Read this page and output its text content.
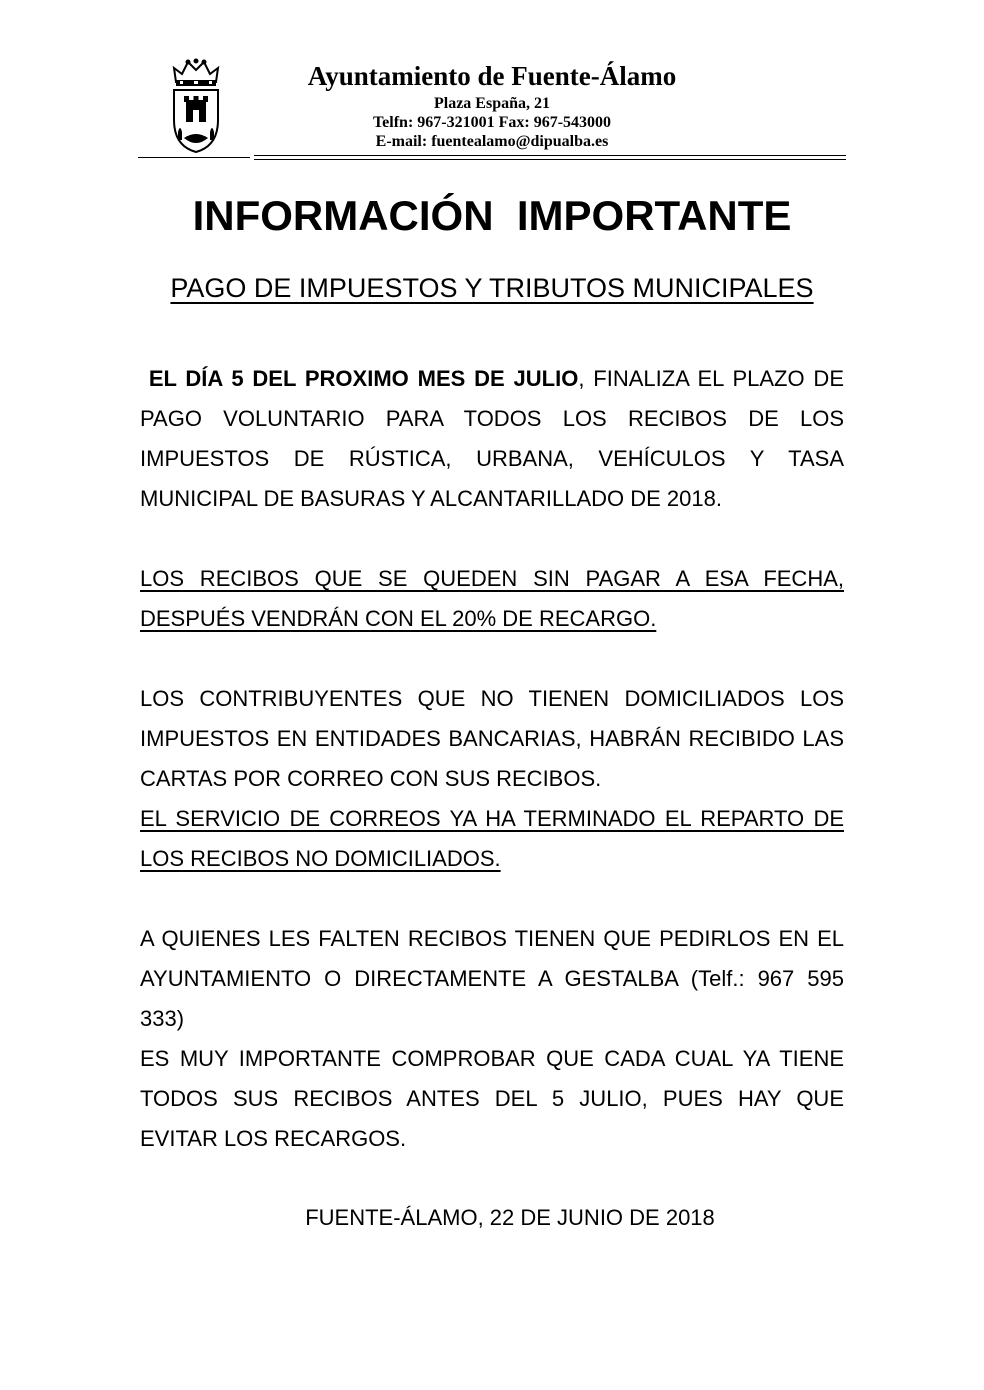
Ayuntamiento de Fuente-Álamo
Plaza España, 21
Telfn: 967-321001 Fax: 967-543000
E-mail: fuentealamo@dipualba.es
INFORMACIÓN  IMPORTANTE
PAGO DE IMPUESTOS Y TRIBUTOS MUNICIPALES

EL DÍA 5 DEL PROXIMO MES DE JULIO, FINALIZA EL PLAZO DE PAGO VOLUNTARIO PARA TODOS LOS RECIBOS DE LOS IMPUESTOS DE RÚSTICA, URBANA, VEHÍCULOS Y TASA MUNICIPAL DE BASURAS Y ALCANTARILLADO DE 2018.

LOS RECIBOS QUE SE QUEDEN SIN PAGAR A ESA FECHA, DESPUÉS VENDRÁN CON EL 20% DE RECARGO.

LOS CONTRIBUYENTES QUE NO TIENEN DOMICILIADOS LOS IMPUESTOS EN ENTIDADES BANCARIAS, HABRÁN RECIBIDO LAS CARTAS POR CORREO CON SUS RECIBOS.

EL SERVICIO DE CORREOS YA HA TERMINADO EL REPARTO DE LOS RECIBOS NO DOMICILIADOS.

A QUIENES LES FALTEN RECIBOS TIENEN QUE PEDIRLOS EN EL AYUNTAMIENTO O DIRECTAMENTE A GESTALBA (Telf.: 967 595 333)

ES MUY IMPORTANTE COMPROBAR QUE CADA CUAL YA TIENE TODOS SUS RECIBOS ANTES DEL 5 JULIO, PUES HAY QUE EVITAR LOS RECARGOS.

FUENTE-ÁLAMO, 22 DE JUNIO DE 2018
